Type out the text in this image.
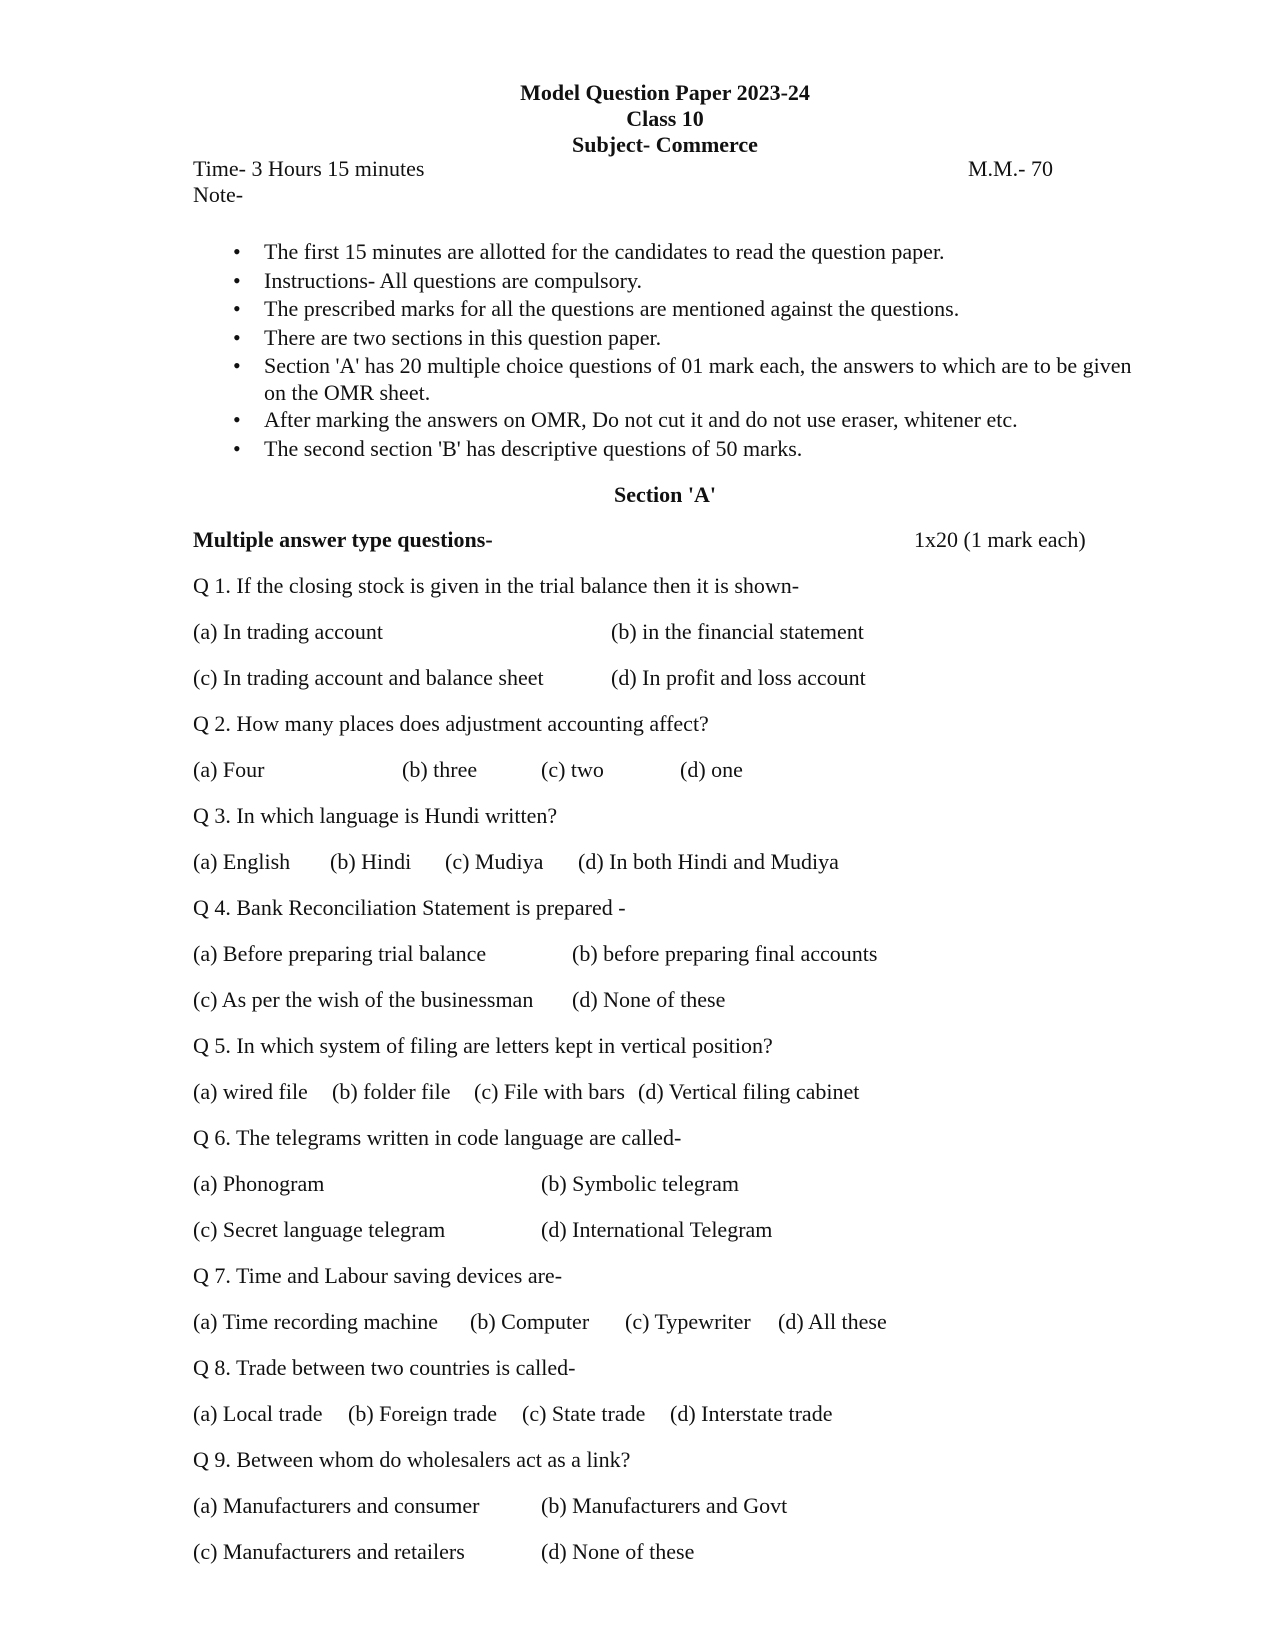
Model Question Paper 2023-24
Class 10
Subject- Commerce
Time- 3 Hours 15 minutes	M.M.- 70
Note-
• The first 15 minutes are allotted for the candidates to read the question paper.
• Instructions- All questions are compulsory.
• The prescribed marks for all the questions are mentioned against the questions.
• There are two sections in this question paper.
• Section 'A' has 20 multiple choice questions of 01 mark each, the answers to which are to be given on the OMR sheet.
• After marking the answers on OMR, Do not cut it and do not use eraser, whitener etc.
• The second section 'B' has descriptive questions of 50 marks.
Section 'A'
Multiple answer type questions-	1x20 (1 mark each)
Q 1. If the closing stock is given in the trial balance then it is shown-
(a) In trading account	(b) in the financial statement
(c) In trading account and balance sheet	(d) In profit and loss account
Q 2. How many places does adjustment accounting affect?
(a) Four	(b) three	(c) two	(d) one
Q 3. In which language is Hundi written?
(a) English (b) Hindi (c) Mudiya (d) In both Hindi and Mudiya
Q 4. Bank Reconciliation Statement is prepared -
(a) Before preparing trial balance	(b) before preparing final accounts
(c) As per the wish of the businessman (d) None of these
Q 5. In which system of filing are letters kept in vertical position?
(a) wired file (b) folder file (c) File with bars (d) Vertical filing cabinet
Q 6. The telegrams written in code language are called-
(a) Phonogram	(b) Symbolic telegram
(c) Secret language telegram	(d) International Telegram
Q 7. Time and Labour saving devices are-
(a) Time recording machine (b) Computer (c) Typewriter (d) All these
Q 8. Trade between two countries is called-
(a) Local trade (b) Foreign trade (c) State trade (d) Interstate trade
Q 9. Between whom do wholesalers act as a link?
(a) Manufacturers and consumer	(b) Manufacturers and Govt
(c) Manufacturers and retailers	(d) None of these
